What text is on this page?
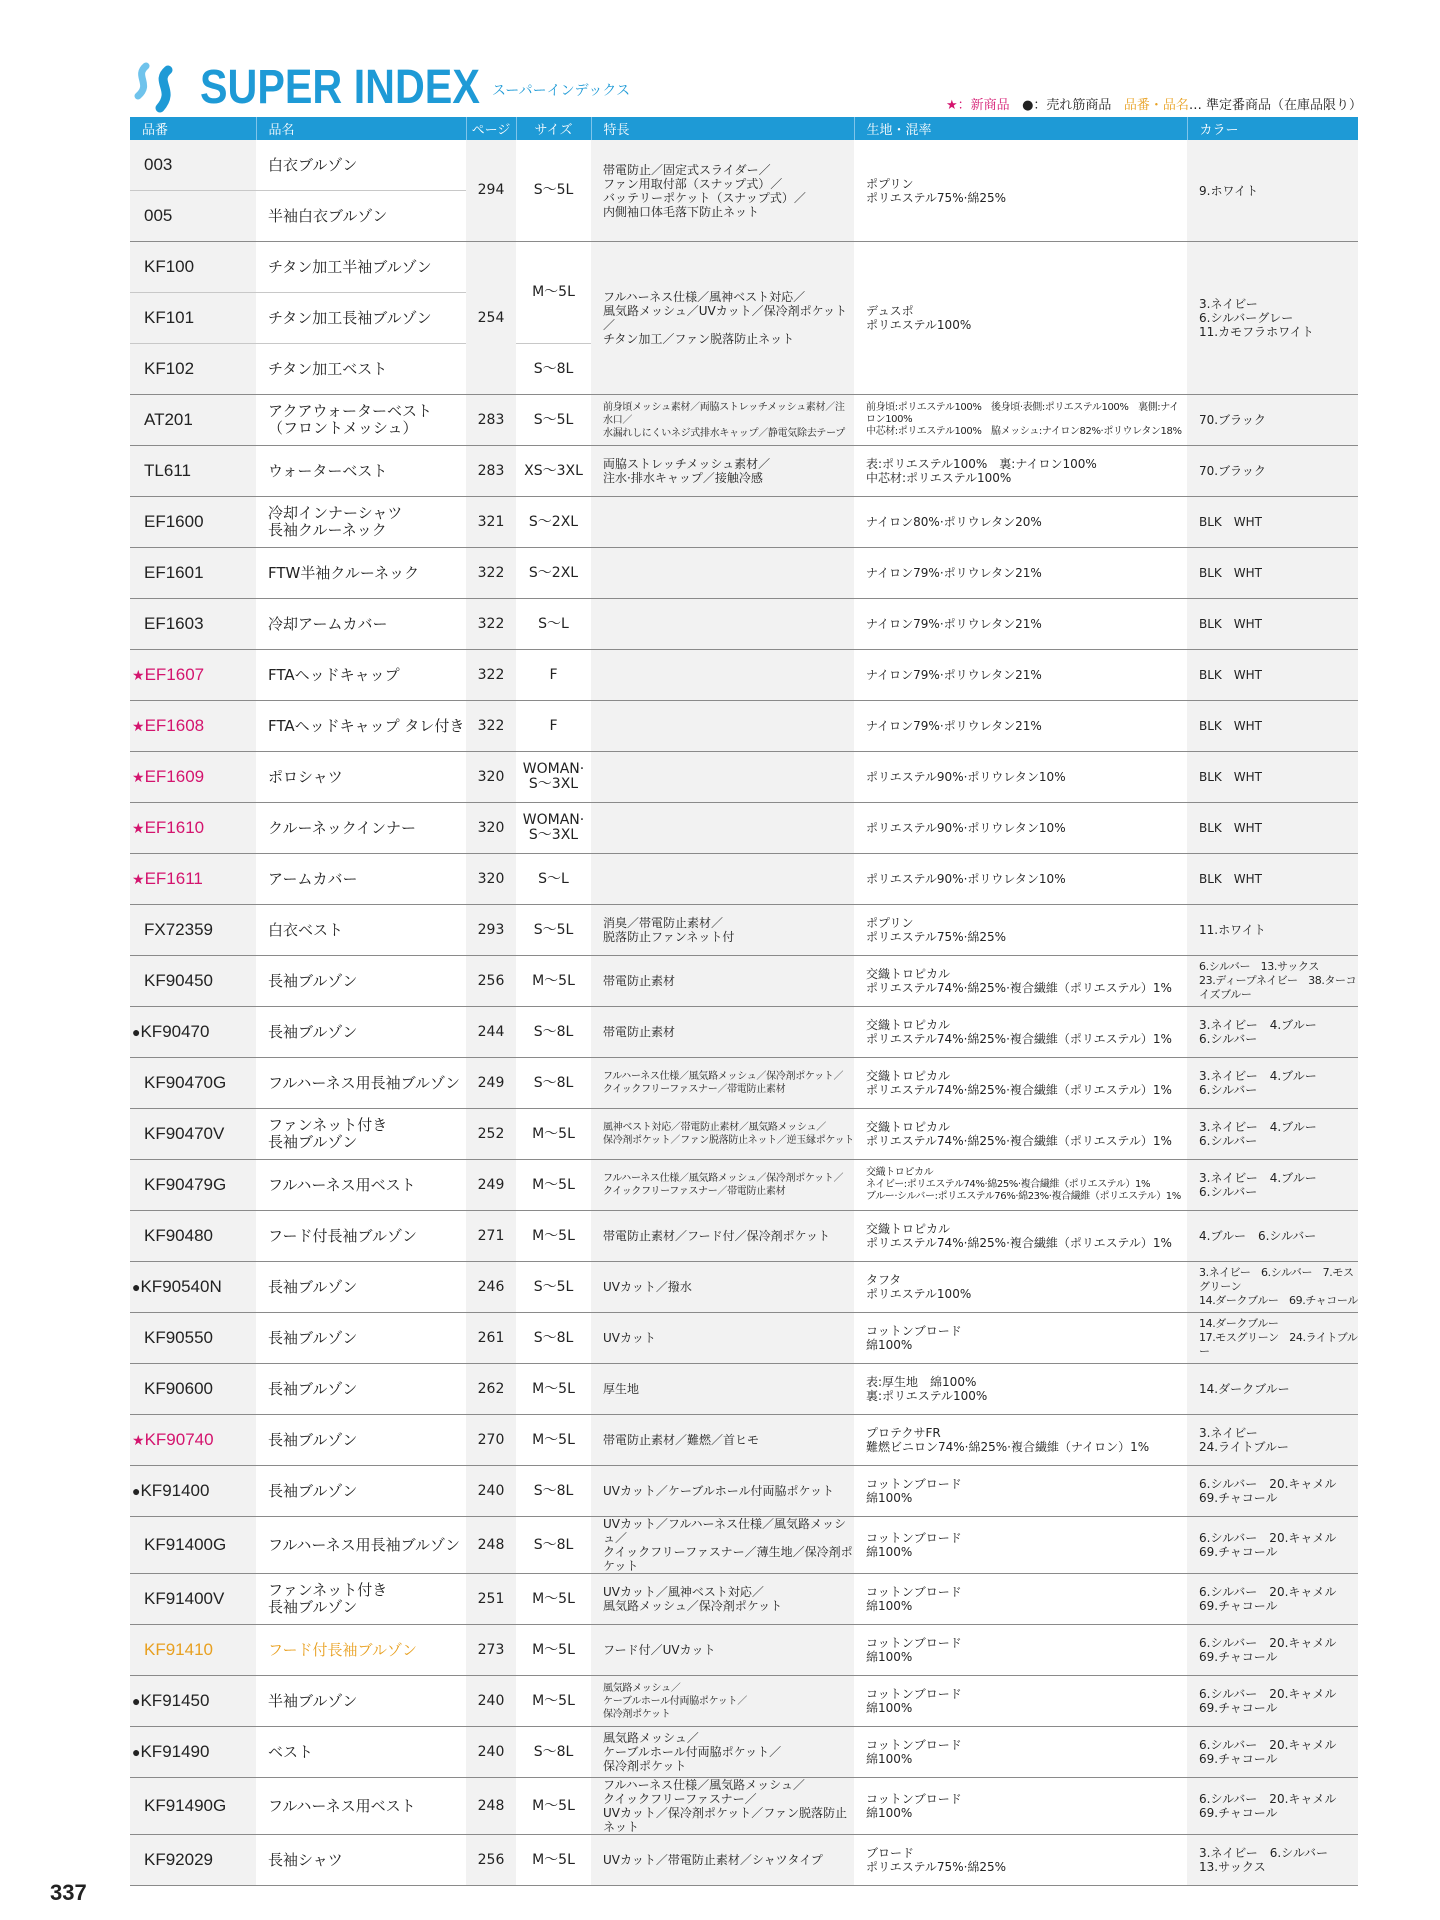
SUPER INDEX スーパーインデックス
★：新商品 ●：売れ筋商品 品番・品名… 準定番商品（在庫品限り）
品番	品名	ページ	サイズ	特長	生地・混率	カラー
003	白衣ブルゾン	294	S～5L	帯電防止／固定式スライダー／
ファン用取付部（スナップ式）／
バッテリーポケット（スナップ式）／
内側袖口体毛落下防止ネット	ポプリン
ポリエステル75%·綿25%	9.ホワイト
005	半袖白衣ブルゾン					
KF100	チタン加工半袖ブルゾン	254	M～5L	フルハーネス仕様／風神ベスト対応／
風気路メッシュ／UVカット／保冷剤ポケット／
チタン加工／ファン脱落防止ネット	デュスポ
ポリエステル100%	3.ネイビー
6.シルバーグレー
11.カモフラホワイト
KF101	チタン加工長袖ブルゾン					
KF102	チタン加工ベスト		S～8L			
AT201	アクアウォーターベスト
（フロントメッシュ）	283	S～5L	前身頃メッシュ素材／両脇ストレッチメッシュ素材／注水口／
水漏れしにくいネジ式排水キャップ／静電気除去テープ	前身頃:ポリエステル100%　後身頃·表側:ポリエステル100%　裏側:ナイロン100%
中芯材:ポリエステル100%　脇メッシュ:ナイロン82%·ポリウレタン18%	70.ブラック
TL611	ウォーターベスト	283	XS～3XL	両脇ストレッチメッシュ素材／
注水·排水キャップ／接触冷感	表:ポリエステル100%　裏:ナイロン100%
中芯材:ポリエステル100%	70.ブラック
EF1600	冷却インナーシャツ
長袖クルーネック	321	S～2XL		ナイロン80%·ポリウレタン20%	BLK　WHT
EF1601	FTW半袖クルーネック	322	S～2XL		ナイロン79%·ポリウレタン21%	BLK　WHT
EF1603	冷却アームカバー	322	S～L		ナイロン79%·ポリウレタン21%	BLK　WHT
★EF1607	FTAヘッドキャップ	322	F		ナイロン79%·ポリウレタン21%	BLK　WHT
★EF1608	FTAヘッドキャップ タレ付き	322	F		ナイロン79%·ポリウレタン21%	BLK　WHT
★EF1609	ポロシャツ	320	WOMAN·
S～3XL		ポリエステル90%·ポリウレタン10%	BLK　WHT
★EF1610	クルーネックインナー	320	WOMAN·
S～3XL		ポリエステル90%·ポリウレタン10%	BLK　WHT
★EF1611	アームカバー	320	S～L		ポリエステル90%·ポリウレタン10%	BLK　WHT
FX72359	白衣ベスト	293	S～5L	消臭／帯電防止素材／
脱落防止ファンネット付	ポプリン
ポリエステル75%·綿25%	11.ホワイト
KF90450	長袖ブルゾン	256	M～5L	帯電防止素材	交織トロピカル
ポリエステル74%·綿25%·複合繊維（ポリエステル）1%	6.シルバー　13.サックス
23.ディープネイビー　38.ターコイズブルー
●KF90470	長袖ブルゾン	244	S～8L	帯電防止素材	交織トロピカル
ポリエステル74%·綿25%·複合繊維（ポリエステル）1%	3.ネイビー　4.ブルー
6.シルバー
KF90470G	フルハーネス用長袖ブルゾン	249	S～8L	フルハーネス仕様／風気路メッシュ／保冷剤ポケット／
クイックフリーファスナー／帯電防止素材	交織トロピカル
ポリエステル74%·綿25%·複合繊維（ポリエステル）1%	3.ネイビー　4.ブルー
6.シルバー
KF90470V	ファンネット付き
長袖ブルゾン	252	M～5L	風神ベスト対応／帯電防止素材／風気路メッシュ／
保冷剤ポケット／ファン脱落防止ネット／逆玉縁ポケット	交織トロピカル
ポリエステル74%·綿25%·複合繊維（ポリエステル）1%	3.ネイビー　4.ブルー
6.シルバー
KF90479G	フルハーネス用ベスト	249	M～5L	フルハーネス仕様／風気路メッシュ／保冷剤ポケット／
クイックフリーファスナー／帯電防止素材	交織トロピカル
ネイビー:ポリエステル74%·綿25%·複合繊維（ポリエステル）1%
ブルー·シルバー:ポリエステル76%·綿23%·複合繊維（ポリエステル）1%	3.ネイビー　4.ブルー
6.シルバー
KF90480	フード付長袖ブルゾン	271	M～5L	帯電防止素材／フード付／保冷剤ポケット	交織トロピカル
ポリエステル74%·綿25%·複合繊維（ポリエステル）1%	4.ブルー　6.シルバー
●KF90540N	長袖ブルゾン	246	S～5L	UVカット／撥水	タフタ
ポリエステル100%	3.ネイビー　6.シルバー　7.モスグリーン
14.ダークブルー　69.チャコール
KF90550	長袖ブルゾン	261	S～8L	UVカット	コットンブロード
綿100%	14.ダークブルー
17.モスグリーン　24.ライトブルー
KF90600	長袖ブルゾン	262	M～5L	厚生地	表:厚生地　綿100%
裏:ポリエステル100%	14.ダークブルー
★KF90740	長袖ブルゾン	270	M～5L	帯電防止素材／難燃／首ヒモ	プロテクサFR
難燃ビニロン74%·綿25%·複合繊維（ナイロン）1%	3.ネイビー
24.ライトブルー
●KF91400	長袖ブルゾン	240	S～8L	UVカット／ケーブルホール付両脇ポケット	コットンブロード
綿100%	6.シルバー　20.キャメル
69.チャコール
KF91400G	フルハーネス用長袖ブルゾン	248	S～8L	UVカット／フルハーネス仕様／風気路メッシュ／
クイックフリーファスナー／薄生地／保冷剤ポケット	コットンブロード
綿100%	6.シルバー　20.キャメル
69.チャコール
KF91400V	ファンネット付き
長袖ブルゾン	251	M～5L	UVカット／風神ベスト対応／
風気路メッシュ／保冷剤ポケット	コットンブロード
綿100%	6.シルバー　20.キャメル
69.チャコール
KF91410	フード付長袖ブルゾン	273	M～5L	フード付／UVカット	コットンブロード
綿100%	6.シルバー　20.キャメル
69.チャコール
●KF91450	半袖ブルゾン	240	M～5L	風気路メッシュ／
ケーブルホール付両脇ポケット／
保冷剤ポケット	コットンブロード
綿100%	6.シルバー　20.キャメル
69.チャコール
●KF91490	ベスト	240	S～8L	風気路メッシュ／
ケーブルホール付両脇ポケット／
保冷剤ポケット	コットンブロード
綿100%	6.シルバー　20.キャメル
69.チャコール
KF91490G	フルハーネス用ベスト	248	M～5L	フルハーネス仕様／風気路メッシュ／
クイックフリーファスナー／
UVカット／保冷剤ポケット／ファン脱落防止ネット	コットンブロード
綿100%	6.シルバー　20.キャメル
69.チャコール
KF92029	長袖シャツ	256	M～5L	UVカット／帯電防止素材／シャツタイプ	ブロード
ポリエステル75%·綿25%	3.ネイビー　6.シルバー
13.サックス
337
